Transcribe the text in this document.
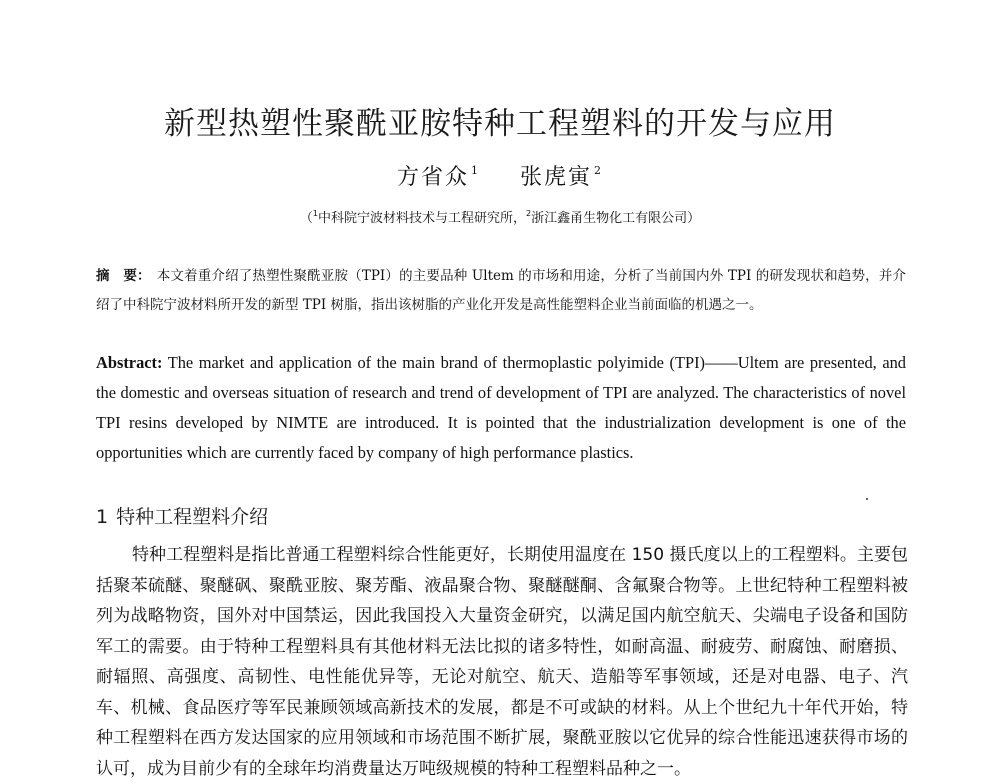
新型热塑性聚酰亚胺特种工程塑料的开发与应用
方省众 $^1$ 张虎寅 $^2$
（$^1$中科院宁波材料技术与工程研究所，$^2$浙江鑫甬生物化工有限公司）
摘　要： 本文着重介绍了热塑性聚酰亚胺（TPI）的主要品种 Ultem 的市场和用途，分析了当前国内外 TPI 的研发现状和趋势，并介绍了中科院宁波材料所开发的新型 TPI 树脂，指出该树脂的产业化开发是高性能塑料企业当前面临的机遇之一。
Abstract: The market and application of the main brand of thermoplastic polyimide (TPI)——Ultem are presented, and the domestic and overseas situation of research and trend of development of TPI are analyzed. The characteristics of novel TPI resins developed by NIMTE are introduced. It is pointed that the industrialization development is one of the opportunities which are currently faced by company of high performance plastics.
1 特种工程塑料介绍
特种工程塑料是指比普通工程塑料综合性能更好，长期使用温度在 150 摄氏度以上的工程塑料。主要包括聚苯硫醚、聚醚砜、聚酰亚胺、聚芳酯、液晶聚合物、聚醚醚酮、含氟聚合物等。上世纪特种工程塑料被列为战略物资，国外对中国禁运，因此我国投入大量资金研究，以满足国内航空航天、尖端电子设备和国防军工的需要。由于特种工程塑料具有其他材料无法比拟的诸多特性，如耐高温、耐疲劳、耐腐蚀、耐磨损、耐辐照、高强度、高韧性、电性能优异等，无论对航空、航天、造船等军事领域，还是对电器、电子、汽车、机械、食品医疗等军民兼顾领域高新技术的发展，都是不可或缺的材料。从上个世纪九十年代开始，特种工程塑料在西方发达国家的应用领域和市场范围不断扩展，聚酰亚胺以它优异的综合性能迅速获得市场的认可，成为目前少有的全球年均消费量达万吨级规模的特种工程塑料品种之一。
